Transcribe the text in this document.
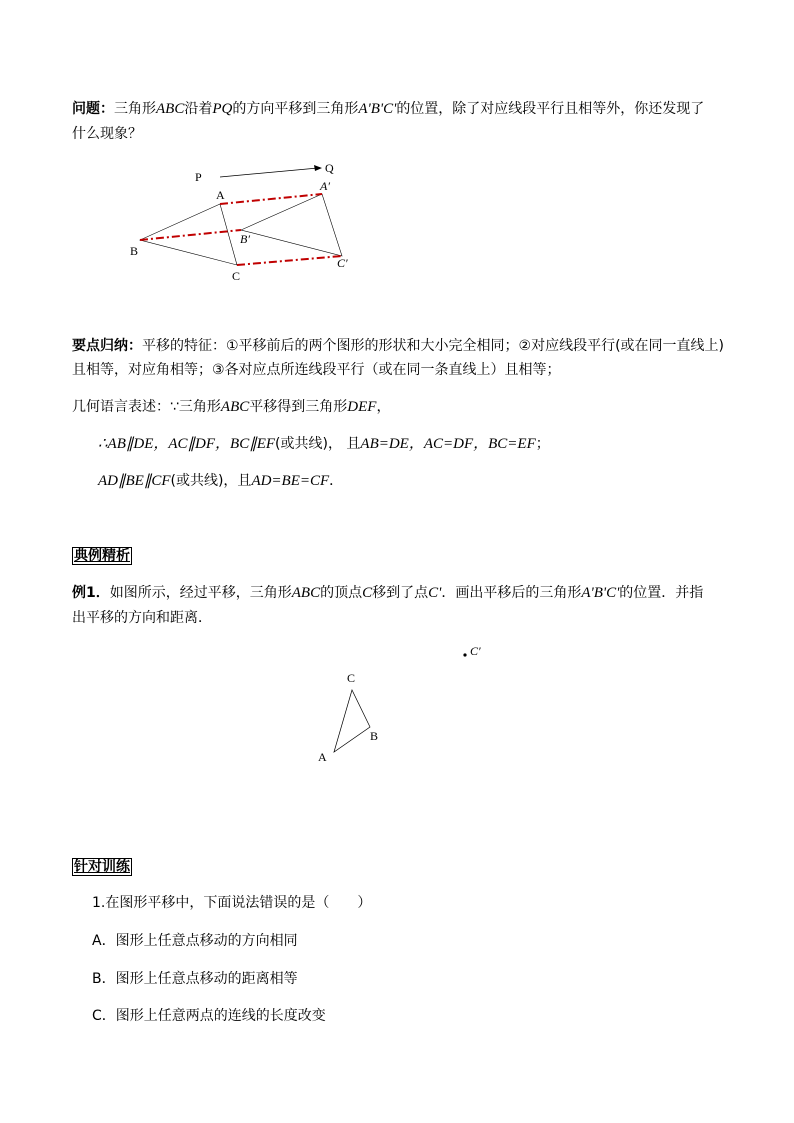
问题：三角形ABC沿着PQ的方向平移到三角形A'B'C'的位置，除了对应线段平行且相等外，你还发现了
什么现象？
P
Q
A
B
C
A′
B′
C′
A
B
C
C′
要点归纳：平移的特征：①平移前后的两个图形的形状和大小完全相同；②对应线段平行(或在同一直线上)
且相等，对应角相等；③各对应点所连线段平行（或在同一条直线上）且相等；
几何语言表述：∵三角形ABC平移得到三角形DEF，
∴AB∥DE，AC∥DF，BC∥EF(或共线)， 且AB=DE，AC=DF，BC=EF；
AD∥BE∥CF(或共线)，且AD=BE=CF．
典例精析
例1．如图所示，经过平移，三角形ABC的顶点C移到了点C'．画出平移后的三角形A'B'C'的位置．并指
出平移的方向和距离．
针对训练
1.在图形平移中，下面说法错误的是（　　）
A．图形上任意点移动的方向相同
B．图形上任意点移动的距离相等
C．图形上任意两点的连线的长度改变
